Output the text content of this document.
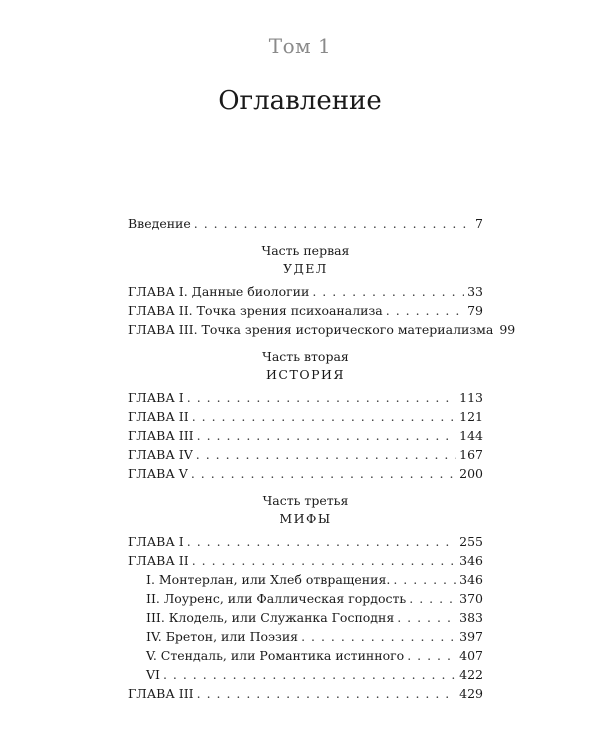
Том 1
Оглавление
Введение . . .	7
Часть первая
УДЕЛ
ГЛАВА I. Данные биологии . . .	33
ГЛАВА II. Точка зрения психоанализа . . .	79
ГЛАВА III. Точка зрения исторического материализма 99
Часть вторая
ИСТОРИЯ
ГЛАВА I . . .	113
ГЛАВА II . . .	121
ГЛАВА III . . .	144
ГЛАВА IV . . .	167
ГЛАВА V . . .	200
Часть третья
МИФЫ
ГЛАВА I . . .	255
ГЛАВА II . . .	346
I. Монтерлан, или Хлеб отвращения. . . .	346
II. Лоуренс, или Фаллическая гордость . . .	370
III. Клодель, или Служанка Господня . . .	383
IV. Бретон, или Поэзия . . .	397
V. Стендаль, или Романтика истинного . . .	407
VI . . .	422
ГЛАВА III . . .	429
